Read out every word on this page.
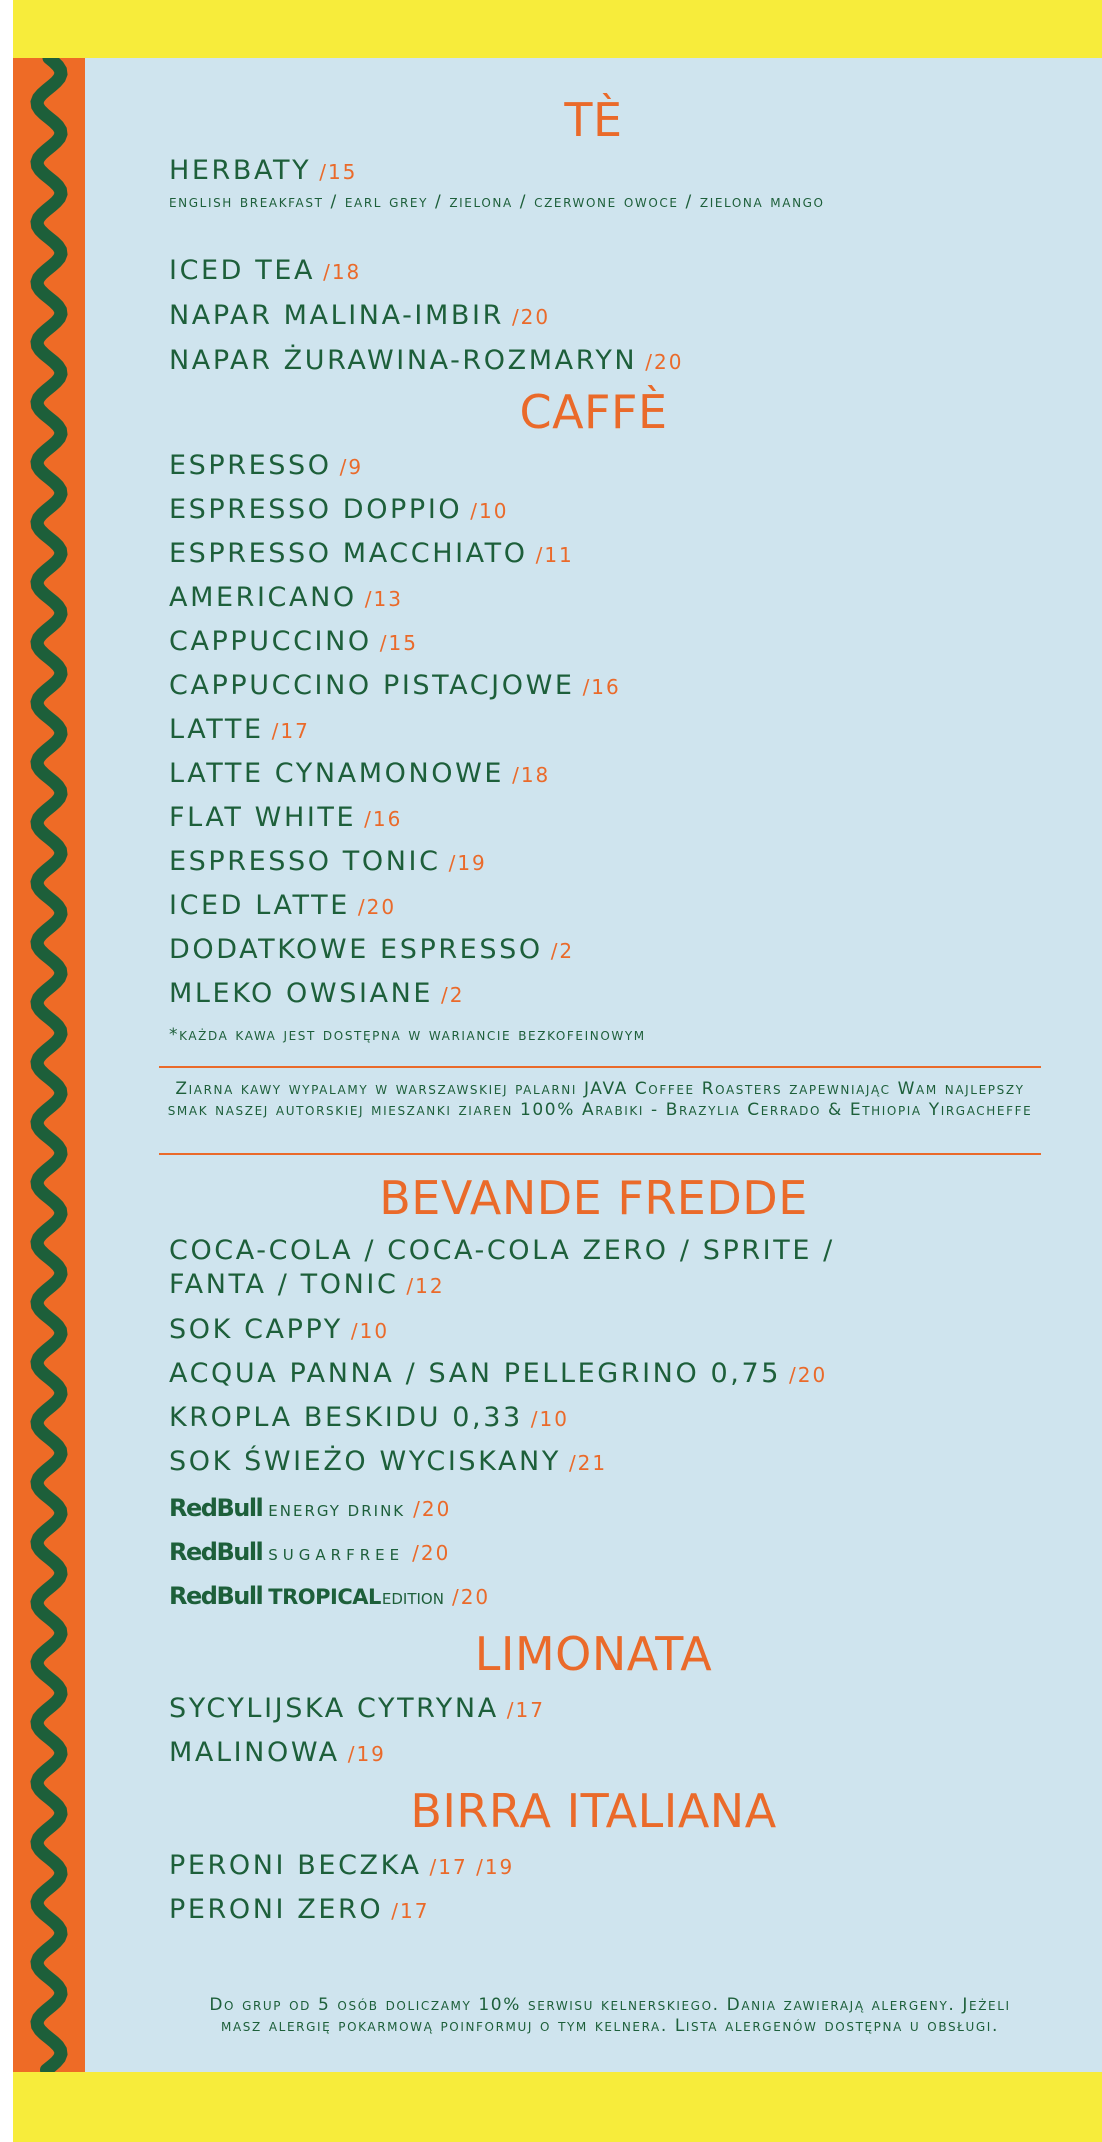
TÈ
HERBATY /15
english breakfast / earl grey / zielona / czerwone owoce / zielona mango
ICED TEA /18
NAPAR MALINA-IMBIR /20
NAPAR ŻURAWINA-ROZMARYN /20
CAFFÈ
ESPRESSO /9
ESPRESSO DOPPIO /10
ESPRESSO MACCHIATO /11
AMERICANO /13
CAPPUCCINO /15
CAPPUCCINO PISTACJOWE /16
LATTE /17
LATTE CYNAMONOWE /18
FLAT WHITE /16
ESPRESSO TONIC /19
ICED LATTE /20
DODATKOWE ESPRESSO /2
MLEKO OWSIANE /2
*każda kawa jest dostępna w wariancie bezkofeinowym

Ziarna kawy wypalamy w warszawskiej palarni JAVA Coffee Roasters zapewniając Wam najlepszy smak naszej autorskiej mieszanki ziaren 100% Arabiki - Brazylia Cerrado & Ethiopia Yirgacheffe

BEVANDE FREDDE
COCA-COLA / COCA-COLA ZERO / SPRITE /
FANTA / TONIC /12
SOK CAPPY /10
ACQUA PANNA / SAN PELLEGRINO 0,75 /20
KROPLA BESKIDU 0,33 /10
SOK ŚWIEŻO WYCISKANY /21
RedBull ENERGY DRINK /20
RedBull SUGARFREE /20
RedBull TROPICALEDITION /20
LIMONATA
SYCYLIJSKA CYTRYNA /17
MALINOWA /19
BIRRA ITALIANA
PERONI BECZKA /17 /19
PERONI ZERO /17

Do grup od 5 osób doliczamy 10% serwisu kelnerskiego. Dania zawierają alergeny. Jeżeli masz alergię pokarmową poinformuj o tym kelnera. Lista alergenów dostępna u obsługi.
